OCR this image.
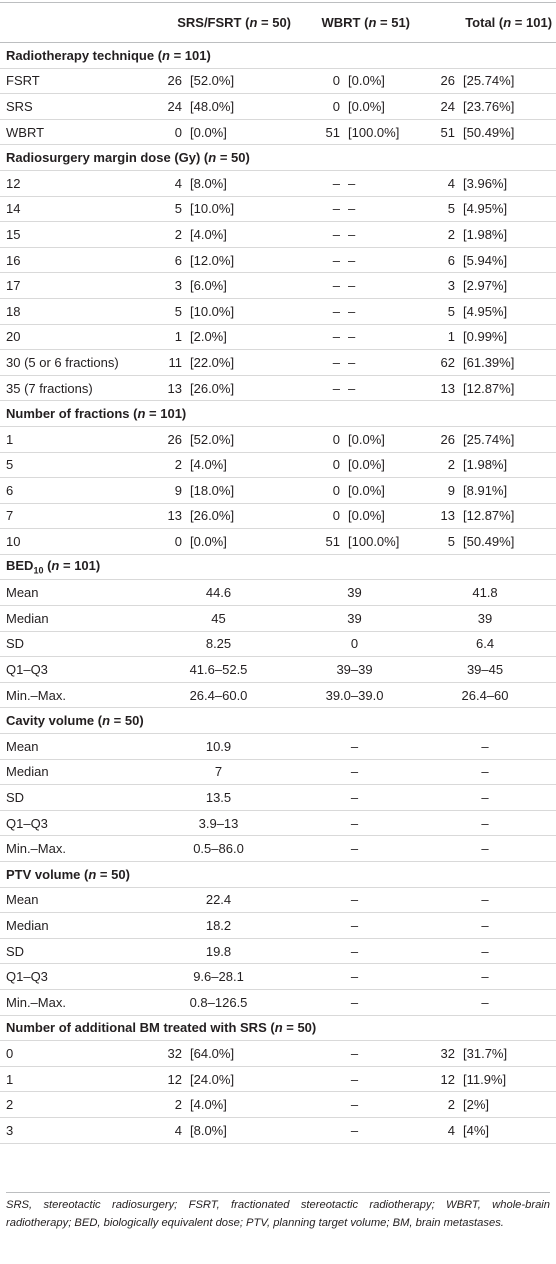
	SRS/FSRT (n = 50)		WBRT (n = 51)		Total (n = 101)	
Radiotherapy technique (n = 101)						
FSRT	26	[52.0%]	0	[0.0%]	26	[25.74%]
SRS	24	[48.0%]	0	[0.0%]	24	[23.76%]
WBRT	0	[0.0%]	51	[100.0%]	51	[50.49%]
Radiosurgery margin dose (Gy) (n = 50)						
12	4	[8.0%]	–	–	4	[3.96%]
14	5	[10.0%]	–	–	5	[4.95%]
15	2	[4.0%]	–	–	2	[1.98%]
16	6	[12.0%]	–	–	6	[5.94%]
17	3	[6.0%]	–	–	3	[2.97%]
18	5	[10.0%]	–	–	5	[4.95%]
20	1	[2.0%]	–	–	1	[0.99%]
30 (5 or 6 fractions)	11	[22.0%]	–	–	62	[61.39%]
35 (7 fractions)	13	[26.0%]	–	–	13	[12.87%]
Number of fractions (n = 101)						
1	26	[52.0%]	0	[0.0%]	26	[25.74%]
5	2	[4.0%]	0	[0.0%]	2	[1.98%]
6	9	[18.0%]	0	[0.0%]	9	[8.91%]
7	13	[26.0%]	0	[0.0%]	13	[12.87%]
10	0	[0.0%]	51	[100.0%]	5	[50.49%]
$BED_{10}$ (n = 101)						
Mean	44.6		39		41.8	
Median	45		39		39	
SD	8.25		0		6.4	
Q1–Q3	41.6–52.5		39–39		39–45	
Min.–Max.	26.4–60.0		39.0–39.0		26.4–60	
Cavity volume (n = 50)						
Mean	10.9		–		–	
Median	7		–		–	
SD	13.5		–		–	
Q1–Q3	3.9–13		–		–	
Min.–Max.	0.5–86.0		–		–	
PTV volume (n = 50)						
Mean	22.4		–		–	
Median	18.2		–		–	
SD	19.8		–		–	
Q1–Q3	9.6–28.1		–		–	
Min.–Max.	0.8–126.5		–		–	
Number of additional BM treated with SRS (n = 50)						
0	32	[64.0%]	–		32	[31.7%]
1	12	[24.0%]	–		12	[11.9%]
2	2	[4.0%]	–		2	[2%]
3	4	[8.0%]	–		4	[4%]
SRS, stereotactic radiosurgery; FSRT, fractionated stereotactic radiotherapy; WBRT, whole-brain radiotherapy; BED, biologically equivalent dose; PTV, planning target volume; BM, brain metastases.
